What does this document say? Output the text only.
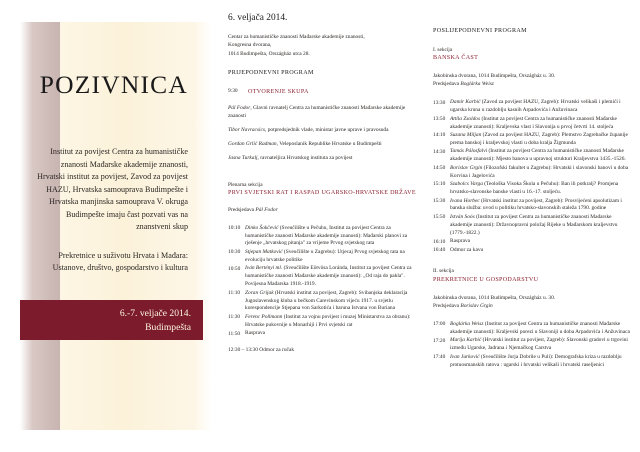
POZIVNICA
Institut za povijest Centra za humanističke znanosti Mađarske akademije znanosti, Hrvatski institut za povijest, Zavod za povijest HAZU, Hrvatska samouprava Budimpešte i Hrvatska manjinska samouprava V. okruga Budimpešte imaju čast pozvati vas na znanstveni skup
Prekretnice u suživotu Hrvata i Mađara: Ustanove, društvo, gospodarstvo i kultura
6.-7. veljače 2014.
Budimpešta
6. veljača 2014.
Centar za humanističke znanosti Mađarske akademije znanosti,
Kongresna dvorana,
1014 Budimpešta, Országház utca 28.
PRIJEPODNEVNI PROGRAM
9:30	OTVORENJE SKUPA
Pál Fodor, Glavni ravnatelj Centra za humanističke znanosti Mađarske akademije znanosti
Tibor Navracsics, potpredsjednik vlade, ministar javne uprave i pravosuđa
Gordan Grlić Radman, Veleposlanik Republike Hrvatske u Budimpešti
Jasna Turkalj, ravnateljica Hrvatskog instituta za povijest
Plenarna sekcija
PRVI SVJETSKI RAT I RASPAD UGARSKO-HRVATSKE DRŽAVE
Predsjedava Pál Fodor
10:10 Dinko Šokčević (Sveučilište u Pečuhu, Institut za povijest Centra za humanističke znanosti Mađarske akademije znanosti): Mađarski planovi za rješenje „hrvatskog pitanja" za vrijeme Prvog svjetskog rata
10:30 Stjepan Matković (Sveučilište u Zagrebu): Utjecaj Prvog svjetskog rata na evoluciju hrvatske politike
10:50 Iván Bertényi ml. (Sveučilište Eötvösa Loránda, Institut za povijest Centra za humanističke znanosti Mađarske akademije znanosti): „Od raja do pakla". Povijesna Mađarska 1918.-1919.
11:10 Zoran Grijak (Hrvatski institut za povijest, Zagreb): Svibanjska deklaracija Jugoslavenskog kluba u bečkom Carevinskom vijeću 1917. u svjetlu korespondencije Stjepana von Sarkotića i baruna Istvana von Buriana
11:30 Ferenc Pollmann (Institut za vojnu povijest i muzej Ministarstva za obranu): Hrvatske pukovnije u Monarhiji i Prvi svjetski rat
11:50 Rasprava
12:30 – 13:30 Odmor za ručak
POSLIJEPODNEVNI PROGRAM
I. sekcija
BANSKA ČAST
Jakobinska dvorana, 1014 Budimpešta, Országház u. 30.
Predsjedava Boglárka Weisz
13:30 Damir Karbić (Zavod za povijest HAZU, Zagreb): Hrvatski velikaši i plemići i ugarska kruna u razdoblju kasnih Arpadovića i Anžuvinaca
13:50 Attila Zsoldos (Institut za povijest Centra za humanističke znanosti Mađarske akademije znanosti): Kraljevska vlast i Slavonija u prvoj četvrti 14. stoljeća
14:10 Suzana Miljan (Zavod za povijest HAZU, Zagreb): Plemstvo Zagrebačke županije prema banskoj i kraljevskoj vlasti u doba kralja Žigmunda
14:30 Tamás Pálosfalvi (Institut za povijest Centra za humanističke znanosti Mađarske akademije znanosti): Mjesto banova u upravnoj strukturi Kraljevstva 1435.-1526.
14:50 Borislav Grgin (Filozofski fakultet u Zagrebu): Hrvatski i slavonski banovi u doba Korvina i Jagelovića
15:10 Szabolcs Varga (Teološka Visoka Škola u Pečuhu): Ban ili potkralj? Promjena hrvatsko-slavonske banske vlasti u 16.-17. stoljeću.
15:30 Ivana Horbec (Hrvatski institut za povijest, Zagreb): Prosvijećeni apsolutizam i banska služba: uvod u politiku hrvatsko-slavonskih staleža 1790. godine
15:50 István Soós (Institut za povijest Centra za humanističke znanosti Mađarske akademije znanosti): Državnopravni položaj Rijeke u Mađarskom kraljevstvu (1779.-1822.)
16:10 Rasprava
16:40 Odmor za kavu
II. sekcija
PREKRETNICE U GOSPODARSTVU
Jakobinska dvorana, 1014 Budimpešta, Országház u. 30.
Predsjedava Borislav Grgin
17:00 Boglárka Weisz (Institut za povijest Centra za humanističke znanosti Mađarske akademije znanosti): Kraljevski porezi u Slavoniji u doba Arpadovića i Anžuvinaca
17:20 Marija Karbić (Hrvatski institut za povijest, Zagreb): Slavonski gradovi u trgovini između Ugarske, Jadrana i Njemačkog Carstva
17:40 Ivan Jurković (Sveučilište Jurja Dobrile u Puli): Demografska kriza u razdoblju protuosmanskih ratova : ugarski i hrvatski velikaši i hrvatski raseljenici
